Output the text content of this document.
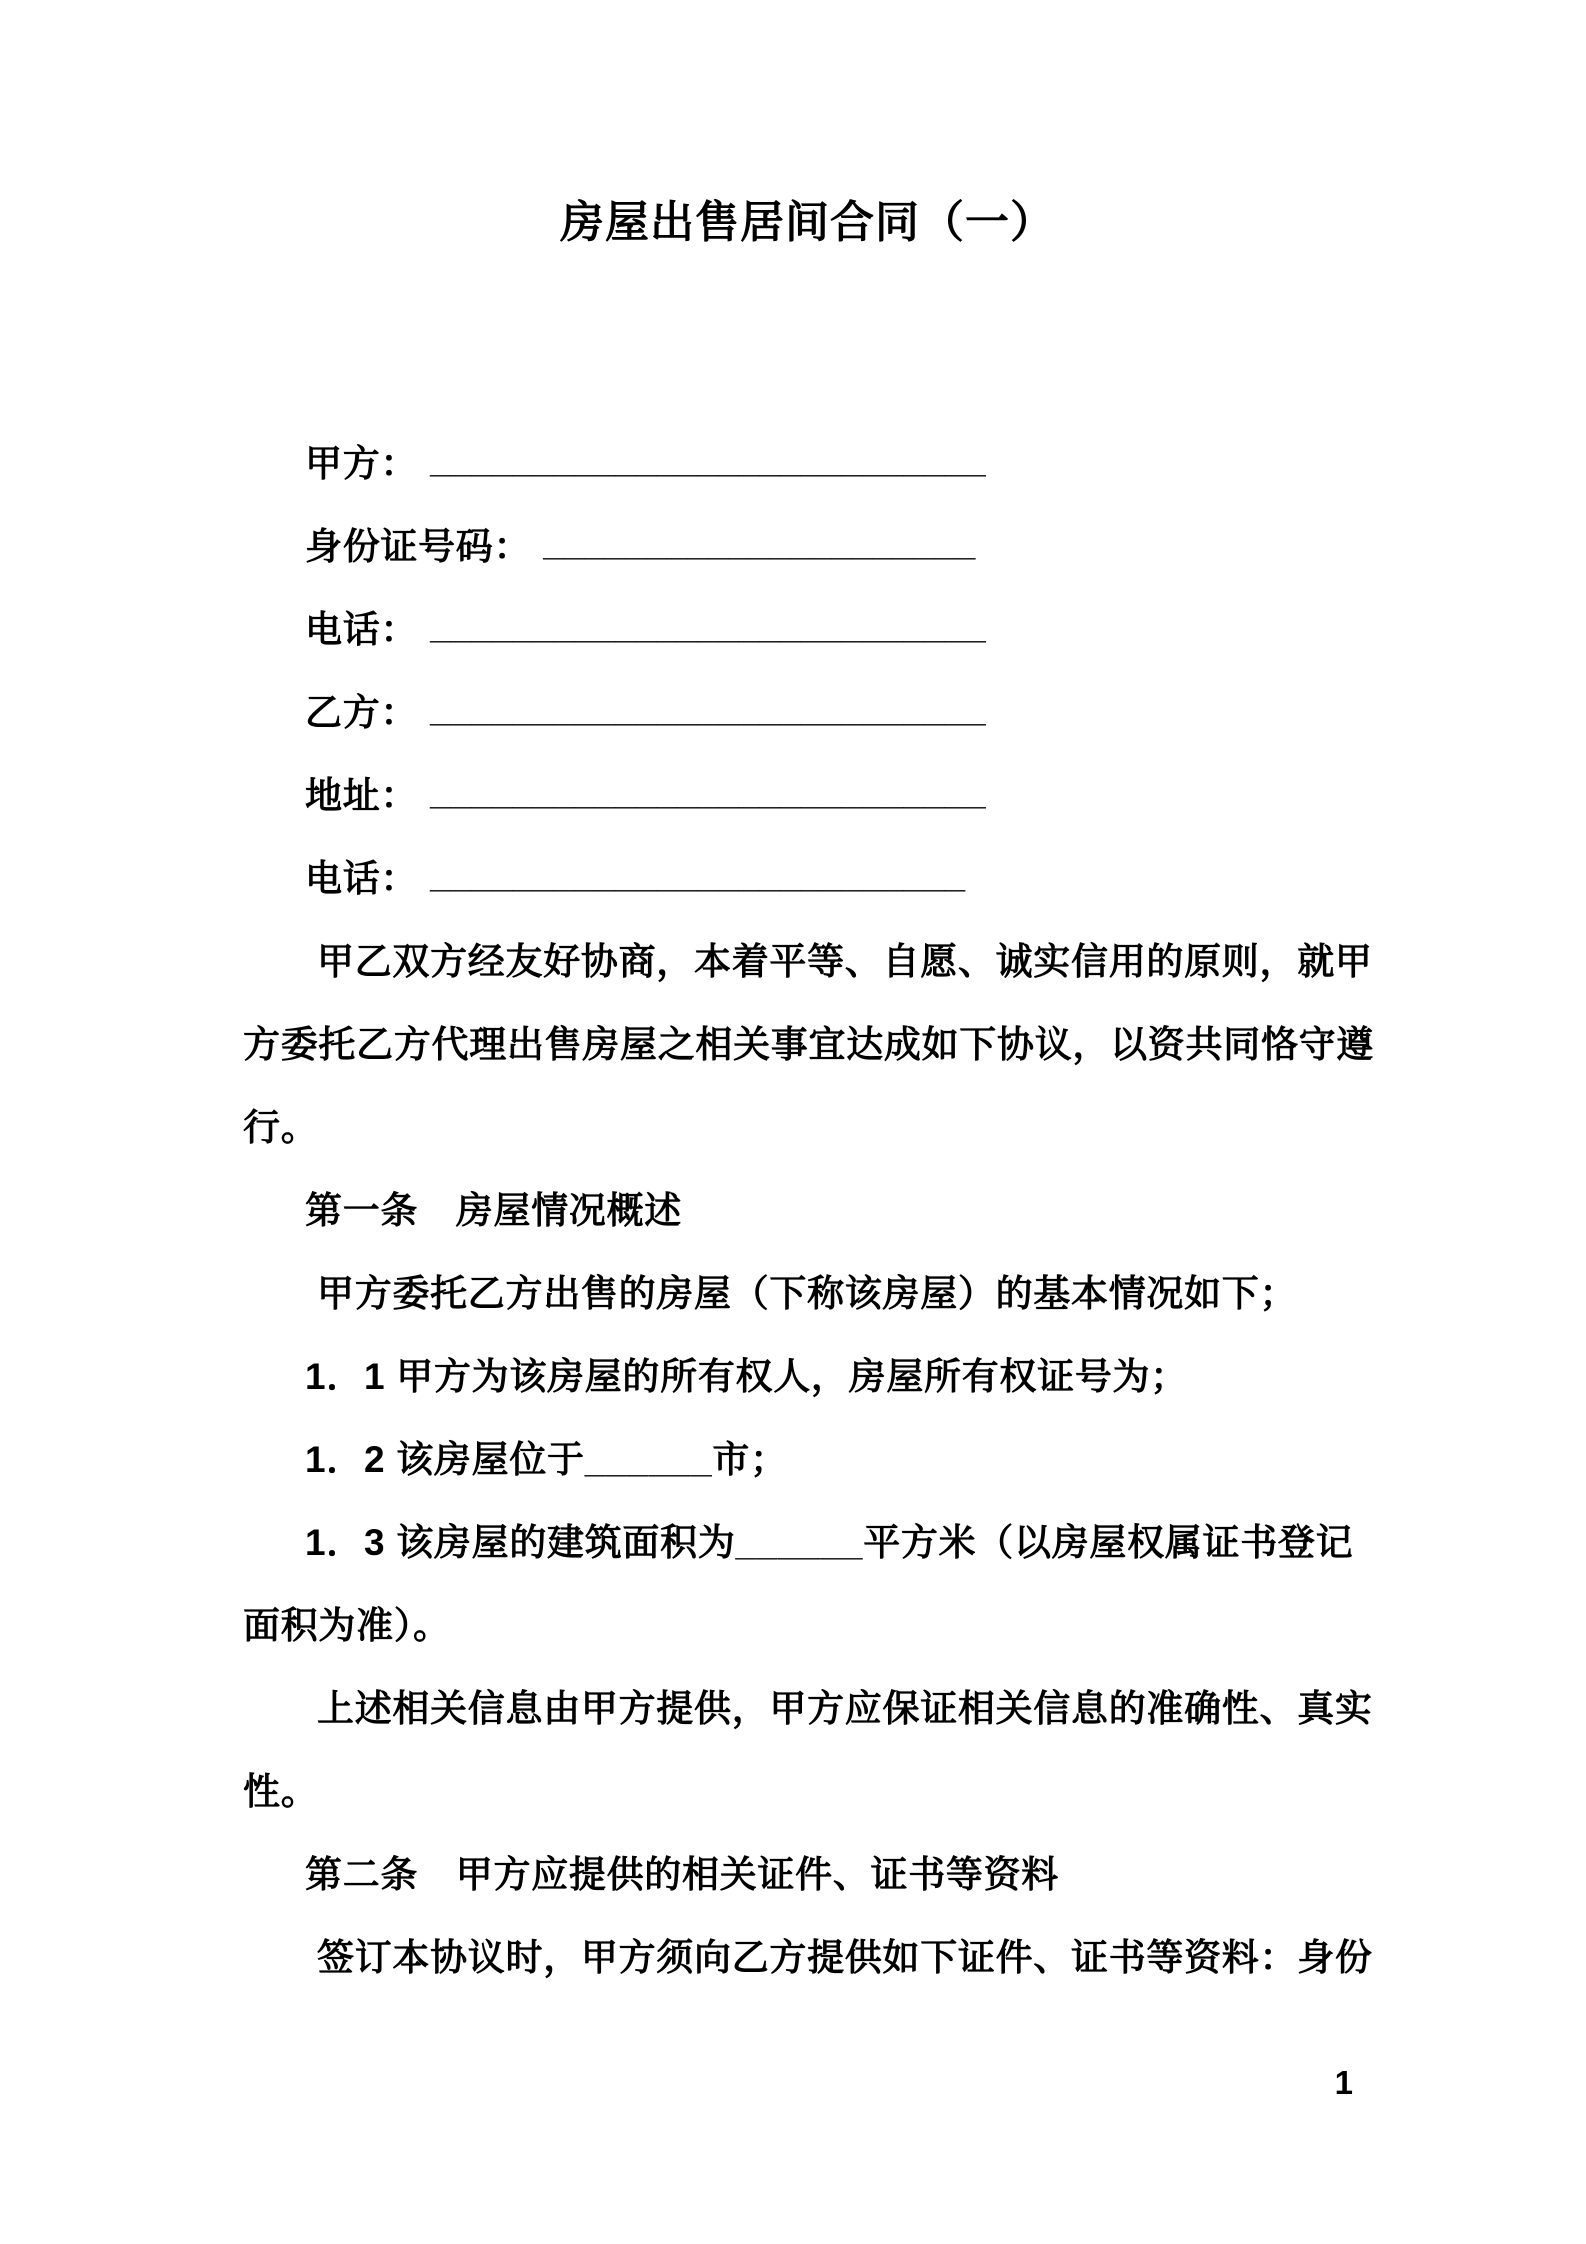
房屋出售居间合同（一）
甲方： ___________________________
身份证号码： _____________________
电话： ___________________________
乙方： ___________________________
地址： ___________________________
电话： __________________________
甲乙双方经友好协商，本着平等、自愿、诚实信用的原则，就甲
方委托乙方代理出售房屋之相关事宜达成如下协议，以资共同恪守遵
行。
第一条　房屋情况概述
甲方委托乙方出售的房屋（下称该房屋）的基本情况如下；
1．1 甲方为该房屋的所有权人，房屋所有权证号为；
1．2 该房屋位于______市；
1．3 该房屋的建筑面积为______平方米（以房屋权属证书登记
面积为准）。
上述相关信息由甲方提供，甲方应保证相关信息的准确性、真实
性。
第二条　甲方应提供的相关证件、证书等资料
签订本协议时，甲方须向乙方提供如下证件、证书等资料：身份
1
